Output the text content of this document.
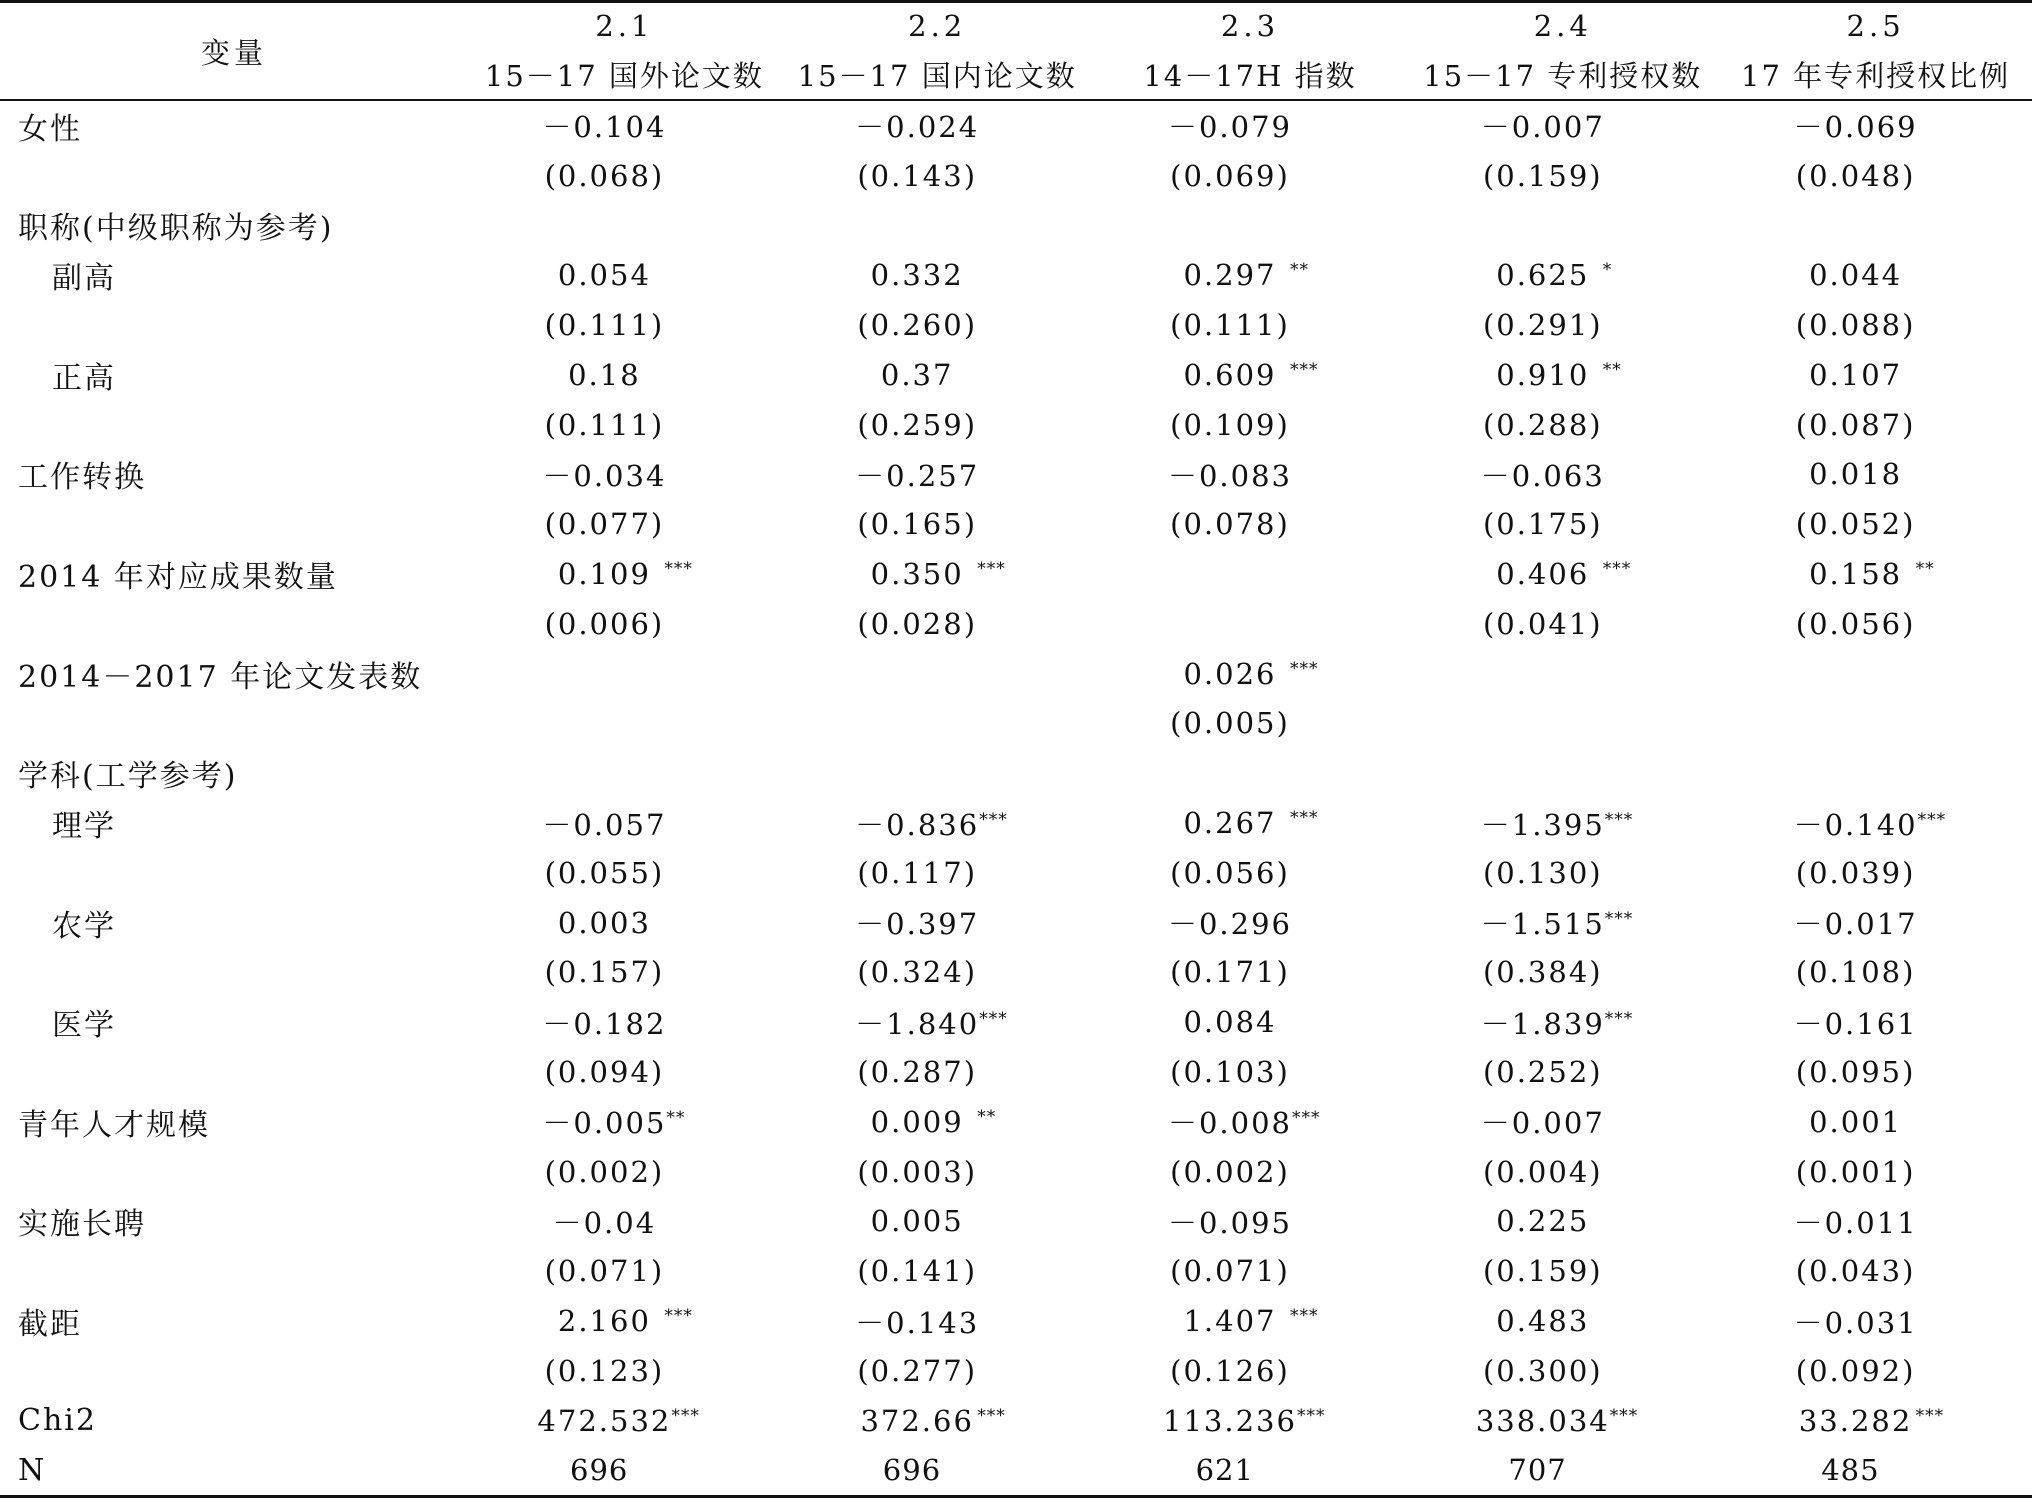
变量	2.1	2.2	2.3	2.4	2.5
	15－17 国外论文数	15－17 国内论文数	14－17H 指数	15－17 专利授权数	17 年专利授权比例
女性	－0.104	－0.024	－0.079	－0.007	－0.069
	(0.068)	(0.143)	(0.069)	(0.159)	(0.048)
职称(中级职称为参考)					
副高	0.054	0.332	0.297 **	0.625 *	0.044
	(0.111)	(0.260)	(0.111)	(0.291)	(0.088)
正高	0.18	0.37	0.609 ***	0.910 **	0.107
	(0.111)	(0.259)	(0.109)	(0.288)	(0.087)
工作转换	－0.034	－0.257	－0.083	－0.063	0.018
	(0.077)	(0.165)	(0.078)	(0.175)	(0.052)
2014 年对应成果数量	0.109 ***	0.350 ***		0.406 ***	0.158 **
	(0.006)	(0.028)		(0.041)	(0.056)
2014－2017 年论文发表数			0.026 ***		
			(0.005)		
学科(工学参考)					
理学	－0.057	－0.836***	0.267 ***	－1.395***	－0.140***
	(0.055)	(0.117)	(0.056)	(0.130)	(0.039)
农学	0.003	－0.397	－0.296	－1.515***	－0.017
	(0.157)	(0.324)	(0.171)	(0.384)	(0.108)
医学	－0.182	－1.840***	0.084	－1.839***	－0.161
	(0.094)	(0.287)	(0.103)	(0.252)	(0.095)
青年人才规模	－0.005**	0.009 **	－0.008***	－0.007	0.001
	(0.002)	(0.003)	(0.002)	(0.004)	(0.001)
实施长聘	－0.04	0.005	－0.095	0.225	－0.011
	(0.071)	(0.141)	(0.071)	(0.159)	(0.043)
截距	2.160 ***	－0.143	1.407 ***	0.483	－0.031
	(0.123)	(0.277)	(0.126)	(0.300)	(0.092)
Chi2	472.532***	372.66 ***	113.236***	338.034***	33.282 ***
N	696	696	621	707	485
